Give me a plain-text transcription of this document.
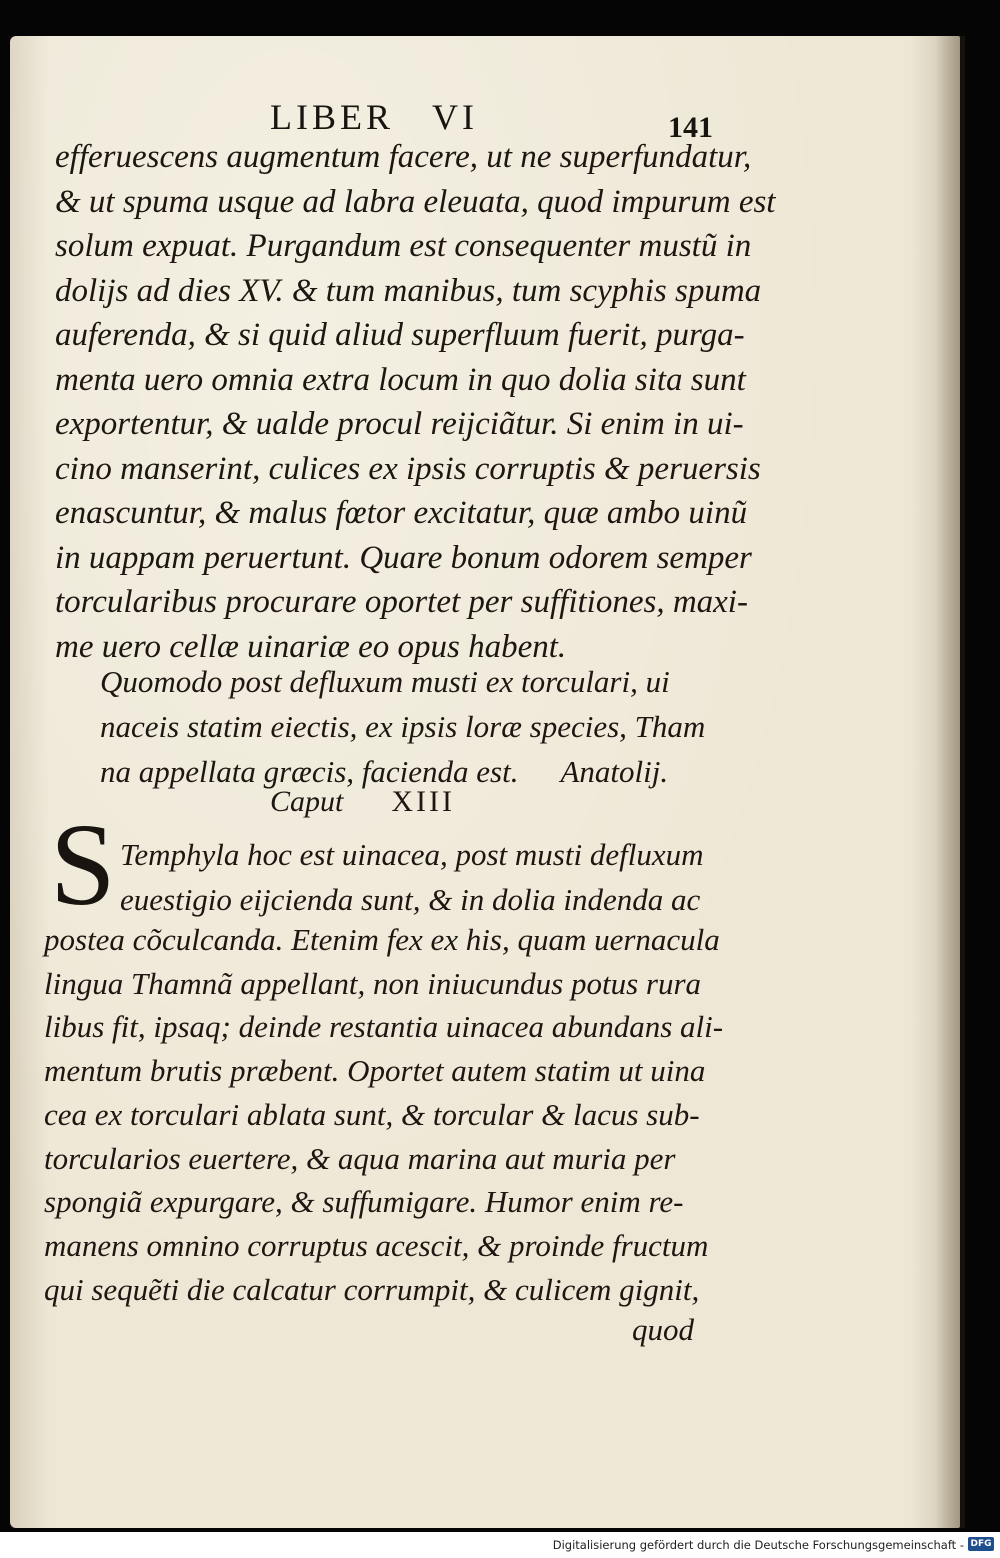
LIBER VI	141
efferuescens augmentum facere, ut ne superfundatur,
& ut spuma usque ad labra eleuata, quod impurum est
solum expuat. Purgandum est consequenter mustũ in
dolijs ad dies XV. & tum manibus, tum scyphis spuma
auferenda, & si quid aliud superfluum fuerit, purga-
menta uero omnia extra locum in quo dolia sita sunt
exportentur, & ualde procul reijciãtur. Si enim in ui-
cino manserint, culices ex ipsis corruptis & peruersis
enascuntur, & malus fœtor excitatur, quæ ambo uinũ
in uappam peruertunt. Quare bonum odorem semper
torcularibus procurare oportet per suffitiones, maxi-
me uero cellæ uinariæ eo opus habent.
Quomodo post defluxum musti ex torculari, ui
naceis statim eiectis, ex ipsis loræ species, Tham
na appellata græcis, facienda est. Anatolij.
Caput XIII
S Temphyla hoc est uinacea, post musti defluxum
euestigio eijcienda sunt, & in dolia indenda ac
postea cõculcanda. Etenim fex ex his, quam uernacula
lingua Thamnã appellant, non iniucundus potus rura
libus fit, ipsaq; deinde restantia uinacea abundans ali-
mentum brutis præbent. Oportet autem statim ut uina
cea ex torculari ablata sunt, & torcular & lacus sub-
torcularios euertere, & aqua marina aut muria per
spongiã expurgare, & suffumigare. Humor enim re-
manens omnino corruptus acescit, & proinde fructum
qui sequẽti die calcatur corrumpit, & culicem gignit,
quod
Digitalisierung gefördert durch die Deutsche Forschungsgemeinschaft - DFG
